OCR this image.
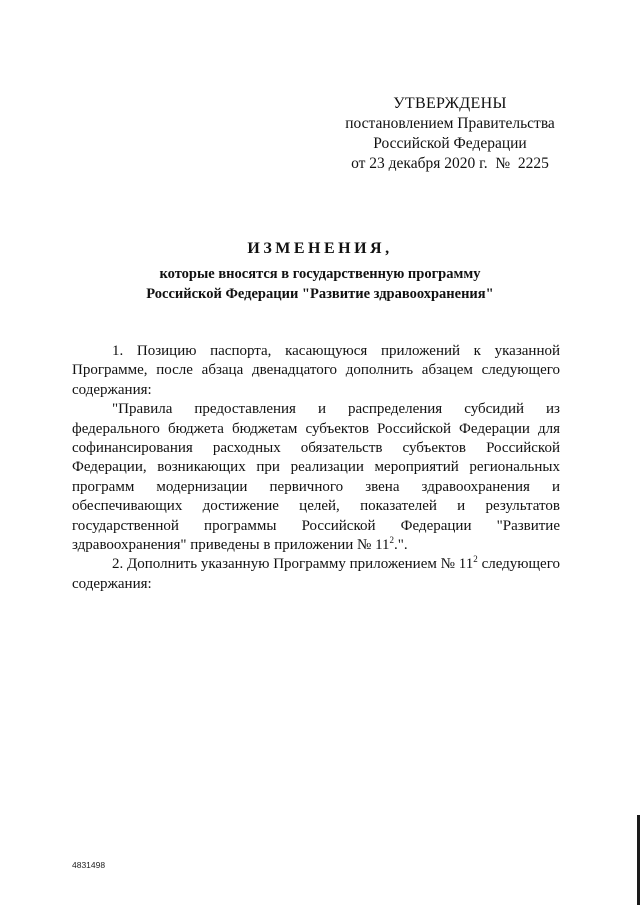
УТВЕРЖДЕНЫ
постановлением Правительства
Российской Федерации
от 23 декабря 2020 г.  №  2225
ИЗМЕНЕНИЯ,
которые вносятся в государственную программу
Российской Федерации "Развитие здравоохранения"

1. Позицию паспорта, касающуюся приложений к указанной Программе, после абзаца двенадцатого дополнить абзацем следующего содержания:

"Правила предоставления и распределения субсидий из федерального бюджета бюджетам субъектов Российской Федерации для софинансирования расходных обязательств субъектов Российской Федерации, возникающих при реализации мероприятий региональных программ модернизации первичного звена здравоохранения и обеспечивающих достижение целей, показателей и результатов государственной программы Российской Федерации "Развитие здравоохранения" приведены в приложении № $11^2$.".

2. Дополнить указанную Программу приложением № $11^2$ следующего содержания:

4831498
